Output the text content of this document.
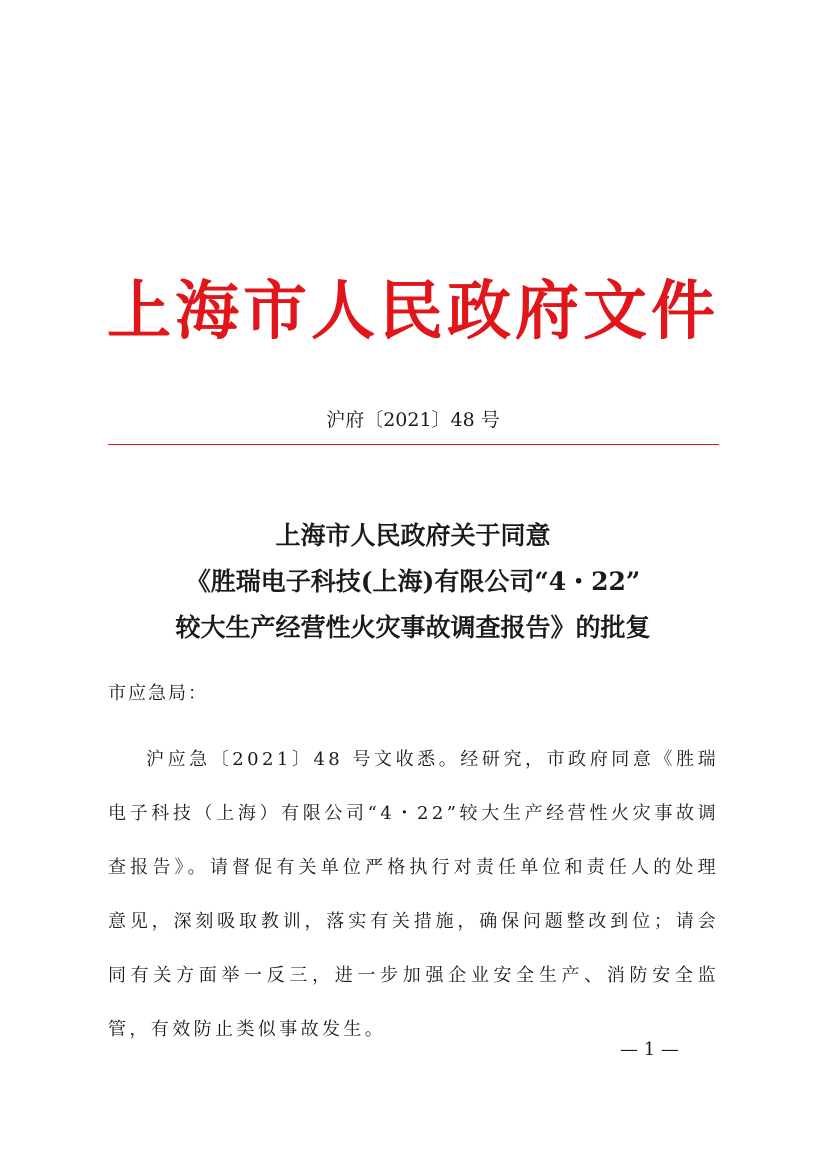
上海市人民政府文件
沪府〔2021〕48 号
上海市人民政府关于同意
《胜瑞电子科技(上海)有限公司“4・22”
较大生产经营性火灾事故调查报告》的批复
市应急局：

沪应急〔2021〕48 号文收悉。经研究，市政府同意《胜瑞电子科技（上海）有限公司“4・22”较大生产经营性火灾事故调查报告》。请督促有关单位严格执行对责任单位和责任人的处理意见，深刻吸取教训，落实有关措施，确保问题整改到位；请会同有关方面举一反三，进一步加强企业安全生产、消防安全监管，有效防止类似事故发生。

— 1 —
